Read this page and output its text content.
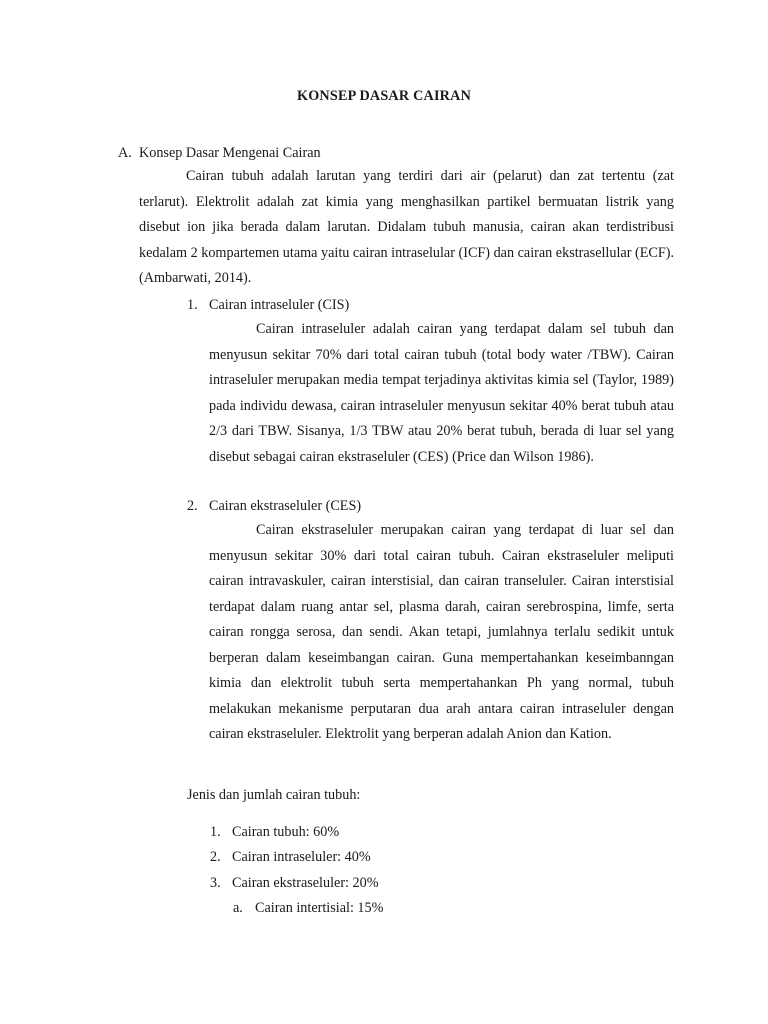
KONSEP DASAR CAIRAN
A. Konsep Dasar Mengenai Cairan

Cairan tubuh adalah larutan yang terdiri dari air (pelarut) dan zat tertentu (zat terlarut). Elektrolit adalah zat kimia yang menghasilkan partikel bermuatan listrik yang disebut ion jika berada dalam larutan. Didalam tubuh manusia, cairan akan terdistribusi kedalam 2 kompartemen utama yaitu cairan intraselular (ICF) dan cairan ekstrasellular (ECF). (Ambarwati, 2014).

1. Cairan intraseluler (CIS)

Cairan intraseluler adalah cairan yang terdapat dalam sel tubuh dan menyusun sekitar 70% dari total cairan tubuh (total body water /TBW). Cairan intraseluler merupakan media tempat terjadinya aktivitas kimia sel (Taylor, 1989) pada individu dewasa, cairan intraseluler menyusun sekitar 40% berat tubuh atau 2/3 dari TBW. Sisanya, 1/3 TBW atau 20% berat tubuh, berada di luar sel yang disebut sebagai cairan ekstraseluler (CES) (Price dan Wilson 1986).

2. Cairan ekstraseluler (CES)

Cairan ekstraseluler merupakan cairan yang terdapat di luar sel dan menyusun sekitar 30% dari total cairan tubuh. Cairan ekstraseluler meliputi cairan intravaskuler, cairan interstisial, dan cairan transeluler. Cairan interstisial terdapat dalam ruang antar sel, plasma darah, cairan serebrospina, limfe, serta cairan rongga serosa, dan sendi. Akan tetapi, jumlahnya terlalu sedikit untuk berperan dalam keseimbangan cairan. Guna mempertahankan keseimbanngan kimia dan elektrolit tubuh serta mempertahankan Ph yang normal, tubuh melakukan mekanisme perputaran dua arah antara cairan intraseluler dengan cairan ekstraseluler. Elektrolit yang berperan adalah Anion dan Kation.

Jenis dan jumlah cairan tubuh:
1. Cairan tubuh: 60%
2. Cairan intraseluler: 40%
3. Cairan ekstraseluler: 20%
a. Cairan intertisial: 15%
